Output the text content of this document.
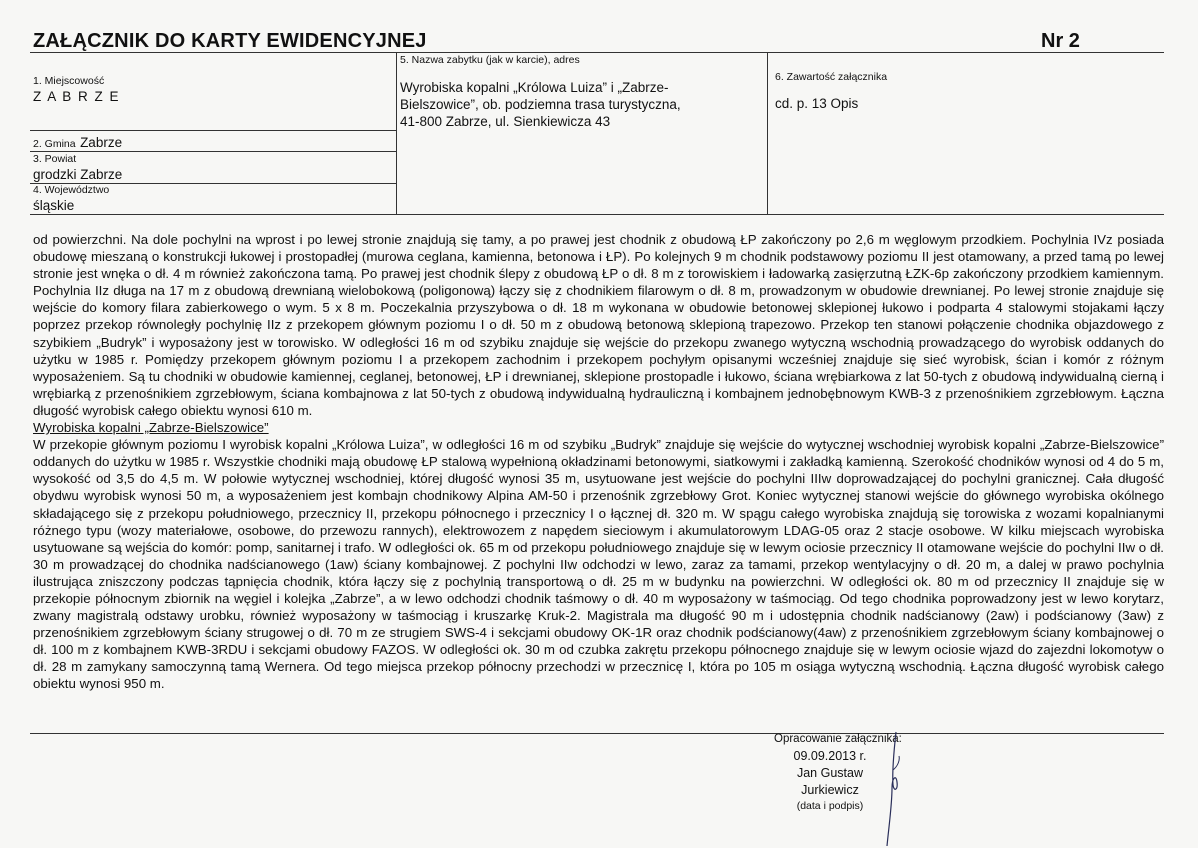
ZAŁĄCZNIK DO KARTY EWIDENCYJNEJ	Nr 2
1. Miejscowość
Z A B R Z E
2. Gmina Zabrze
3. Powiat
grodzki Zabrze
4. Województwo
śląskie
5. Nazwa zabytku (jak w karcie), adres
Wyrobiska kopalni „Królowa Luiza” i „Zabrze-
Bielszowice”, ob. podziemna trasa turystyczna,
41-800 Zabrze, ul. Sienkiewicza 43
6. Zawartość załącznika
cd. p. 13 Opis

od powierzchni. Na dole pochylni na wprost i po lewej stronie znajdują się tamy, a po prawej jest chodnik z obudową ŁP zakończony po 2,6 m węglowym przodkiem. Pochylnia IVz posiada obudowę mieszaną o konstrukcji łukowej i prostopadłej (murowa ceglana, kamienna, betonowa i ŁP). Po kolejnych 9 m chodnik podstawowy poziomu II jest otamowany, a przed tamą po lewej stronie jest wnęka o dł. 4 m również zakończona tamą. Po prawej jest chodnik ślepy z obudową ŁP o dł. 8 m z torowiskiem i ładowarką zasięrzutną ŁZK-6p zakończony przodkiem kamiennym. Pochylnia IIz długa na 17 m z obudową drewnianą wielobokową (poligonową) łączy się z chodnikiem filarowym o dł. 8 m, prowadzonym w obudowie drewnianej. Po lewej stronie znajduje się wejście do komory filara zabierkowego o wym. 5 x 8 m. Poczekalnia przyszybowa o dł. 18 m wykonana w obudowie betonowej sklepionej łukowo i podparta 4 stalowymi stojakami łączy poprzez przekop równoległy pochylnię IIz z przekopem głównym poziomu I o dł. 50 m z obudową betonową sklepioną trapezowo. Przekop ten stanowi połączenie chodnika objazdowego z szybikiem „Budryk” i wyposażony jest w torowisko. W odległości 16 m od szybiku znajduje się wejście do przekopu zwanego wytyczną wschodnią prowadzącego do wyrobisk oddanych do użytku w 1985 r. Pomiędzy przekopem głównym poziomu I a przekopem zachodnim i przekopem pochyłym opisanymi wcześniej znajduje się sieć wyrobisk, ścian i komór z różnym wyposażeniem. Są tu chodniki w obudowie kamiennej, ceglanej, betonowej, ŁP i drewnianej, sklepione prostopadle i łukowo, ściana wrębiarkowa z lat 50-tych z obudową indywidualną cierną i wrębiarką z przenośnikiem zgrzebłowym, ściana kombajnowa z lat 50-tych z obudową indywidualną hydrauliczną i kombajnem jednobębnowym KWB-3 z przenośnikiem zgrzebłowym. Łączna długość wyrobisk całego obiektu wynosi 610 m.

Wyrobiska kopalni „Zabrze-Bielszowice”

W przekopie głównym poziomu I wyrobisk kopalni „Królowa Luiza”, w odległości 16 m od szybiku „Budryk” znajduje się wejście do wytycznej wschodniej wyrobisk kopalni „Zabrze-Bielszowice” oddanych do użytku w 1985 r. Wszystkie chodniki mają obudowę ŁP stalową wypełnioną okładzinami betonowymi, siatkowymi i zakładką kamienną. Szerokość chodników wynosi od 4 do 5 m, wysokość od 3,5 do 4,5 m. W połowie wytycznej wschodniej, której długość wynosi 35 m, usytuowane jest wejście do pochylni IIIw doprowadzającej do pochylni granicznej. Cała długość obydwu wyrobisk wynosi 50 m, a wyposażeniem jest kombajn chodnikowy Alpina AM-50 i przenośnik zgrzebłowy Grot. Koniec wytycznej stanowi wejście do głównego wyrobiska okólnego składającego się z przekopu południowego, przecznicy II, przekopu północnego i przecznicy I o łącznej dł. 320 m. W spągu całego wyrobiska znajdują się torowiska z wozami kopalnianymi różnego typu (wozy materiałowe, osobowe, do przewozu rannych), elektrowozem z napędem sieciowym i akumulatorowym LDAG-05 oraz 2 stacje osobowe. W kilku miejscach wyrobiska usytuowane są wejścia do komór: pomp, sanitarnej i trafo. W odległości ok. 65 m od przekopu południowego znajduje się w lewym ociosie przecznicy II otamowane wejście do pochylni IIw o dł. 30 m prowadzącej do chodnika nadścianowego (1aw) ściany kombajnowej. Z pochylni IIw odchodzi w lewo, zaraz za tamami, przekop wentylacyjny o dł. 20 m, a dalej w prawo pochylnia ilustrująca zniszczony podczas tąpnięcia chodnik, która łączy się z pochylnią transportową o dł. 25 m w budynku na powierzchni. W odległości ok. 80 m od przecznicy II znajduje się w przekopie północnym zbiornik na węgiel i kolejka „Zabrze”, a w lewo odchodzi chodnik taśmowy o dł. 40 m wyposażony w taśmociąg. Od tego chodnika poprowadzony jest w lewo korytarz, zwany magistralą odstawy urobku, również wyposażony w taśmociąg i kruszarkę Kruk-2. Magistrala ma długość 90 m i udostępnia chodnik nadścianowy (2aw) i podścianowy (3aw) z przenośnikiem zgrzebłowym ściany strugowej o dł. 70 m ze strugiem SWS-4 i sekcjami obudowy OK-1R oraz chodnik podścianowy(4aw) z przenośnikiem zgrzebłowym ściany kombajnowej o dł. 100 m z kombajnem KWB-3RDU i sekcjami obudowy FAZOS. W odległości ok. 30 m od czubka zakrętu przekopu północnego znajduje się w lewym ociosie wjazd do zajezdni lokomotyw o dł. 28 m zamykany samoczynną tamą Wernera. Od tego miejsca przekop północny przechodzi w przecznicę I, która po 105 m osiąga wytyczną wschodnią. Łączna długość wyrobisk całego obiektu wynosi 950 m.

Opracowanie załącznika:
09.09.2013 r.
Jan Gustaw
Jurkiewicz
(data i podpis)
